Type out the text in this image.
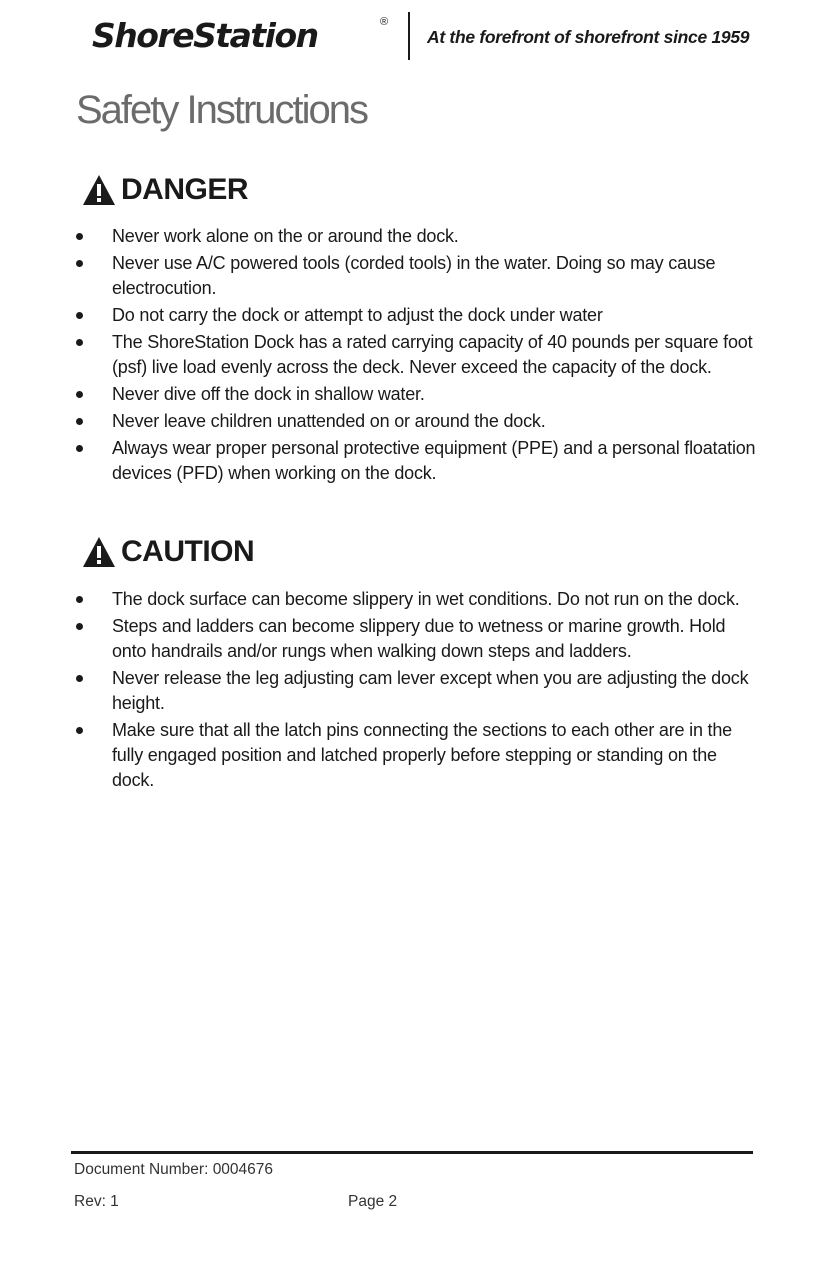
ShoreStation	®
At the forefront of shorefront since 1959
Safety Instructions
DANGER
Never work alone on the or around the dock.
Never use A/C powered tools (corded tools) in the water. Doing so may cause electrocution.
Do not carry the dock or attempt to adjust the dock under water
The ShoreStation Dock has a rated carrying capacity of 40 pounds per square foot (psf) live load evenly across the deck. Never exceed the capacity of the dock.
Never dive off the dock in shallow water.
Never leave children unattended on or around the dock.
Always wear proper personal protective equipment (PPE) and a personal floatation devices (PFD) when working on the dock.
CAUTION
The dock surface can become slippery in wet conditions. Do not run on the dock.
Steps and ladders can become slippery due to wetness or marine growth. Hold onto handrails and/or rungs when walking down steps and ladders.
Never release the leg adjusting cam lever except when you are adjusting the dock height.
Make sure that all the latch pins connecting the sections to each other are in the fully engaged position and latched properly before stepping or standing on the dock.
Document Number: 0004676
Rev: 1	Page 2
